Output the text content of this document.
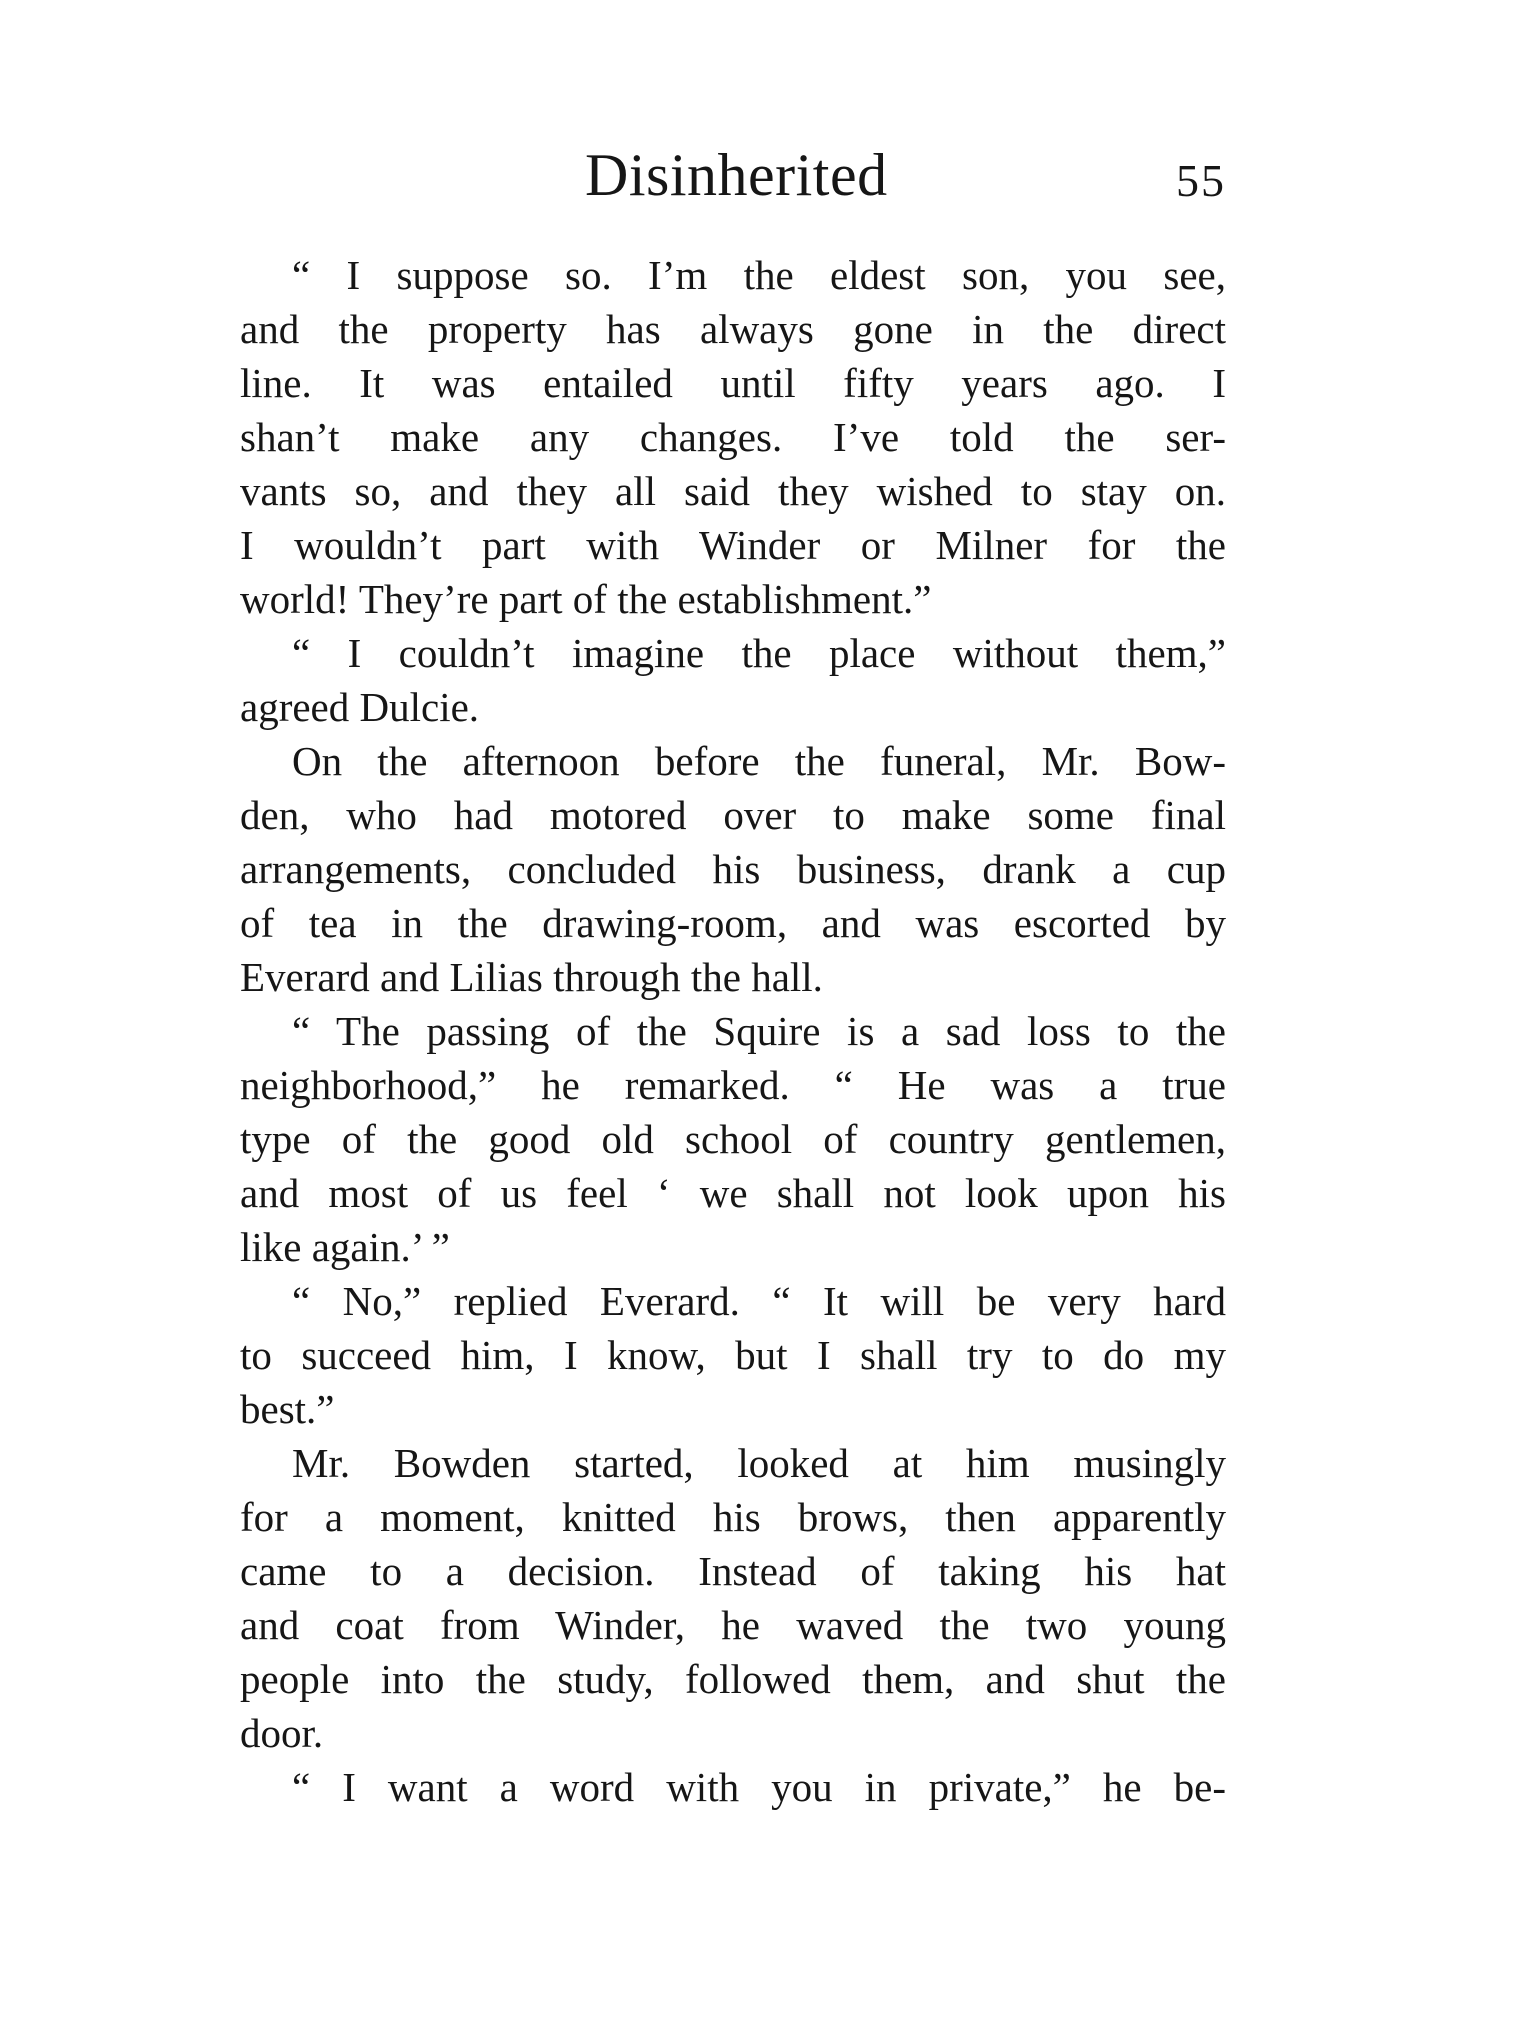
Disinherited	55
“ I suppose so. I’m the eldest son, you see,
and the property has always gone in the direct
line. It was entailed until fifty years ago. I
shan’t make any changes. I’ve told the ser-
vants so, and they all said they wished to stay on.
I wouldn’t part with Winder or Milner for the
world! They’re part of the establishment.”
“ I couldn’t imagine the place without them,”
agreed Dulcie.
On the afternoon before the funeral, Mr. Bow-
den, who had motored over to make some final
arrangements, concluded his business, drank a cup
of tea in the drawing-room, and was escorted by
Everard and Lilias through the hall.
“ The passing of the Squire is a sad loss to the
neighborhood,” he remarked. “ He was a true
type of the good old school of country gentlemen,
and most of us feel ‘ we shall not look upon his
like again.’ ”
“ No,” replied Everard. “ It will be very hard
to succeed him, I know, but I shall try to do my
best.”
Mr. Bowden started, looked at him musingly
for a moment, knitted his brows, then apparently
came to a decision. Instead of taking his hat
and coat from Winder, he waved the two young
people into the study, followed them, and shut the
door.
“ I want a word with you in private,” he be-
